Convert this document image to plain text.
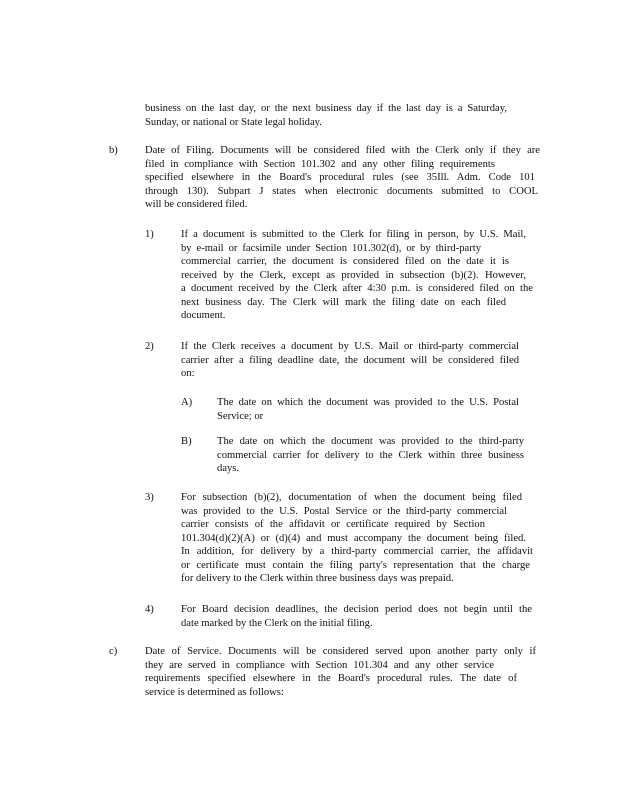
business on the last day, or the next business day if the last day is a Saturday,
Sunday, or national or State legal holiday.
b)	Date of Filing. Documents will be considered filed with the Clerk only if they are
filed in compliance with Section 101.302 and any other filing requirements
specified elsewhere in the Board's procedural rules (see 35Ill. Adm. Code 101
through 130). Subpart J states when electronic documents submitted to COOL
will be considered filed.
1)	If a document is submitted to the Clerk for filing in person, by U.S. Mail,
by e-mail or facsimile under Section 101.302(d), or by third-party
commercial carrier, the document is considered filed on the date it is
received by the Clerk, except as provided in subsection (b)(2). However,
a document received by the Clerk after 4:30 p.m. is considered filed on the
next business day. The Clerk will mark the filing date on each filed
document.
2)	If the Clerk receives a document by U.S. Mail or third-party commercial
carrier after a filing deadline date, the document will be considered filed
on:
A) The date on which the document was provided to the U.S. Postal
Service; or
B) The date on which the document was provided to the third-party
commercial carrier for delivery to the Clerk within three business
days.
3)	For subsection (b)(2), documentation of when the document being filed
was provided to the U.S. Postal Service or the third-party commercial
carrier consists of the affidavit or certificate required by Section
101.304(d)(2)(A) or (d)(4) and must accompany the document being filed.
In addition, for delivery by a third-party commercial carrier, the affidavit
or certificate must contain the filing party's representation that the charge
for delivery to the Clerk within three business days was prepaid.
4)	For Board decision deadlines, the decision period does not begin until the
date marked by the Clerk on the initial filing.
c)	Date of Service. Documents will be considered served upon another party only if
they are served in compliance with Section 101.304 and any other service
requirements specified elsewhere in the Board's procedural rules. The date of
service is determined as follows:
